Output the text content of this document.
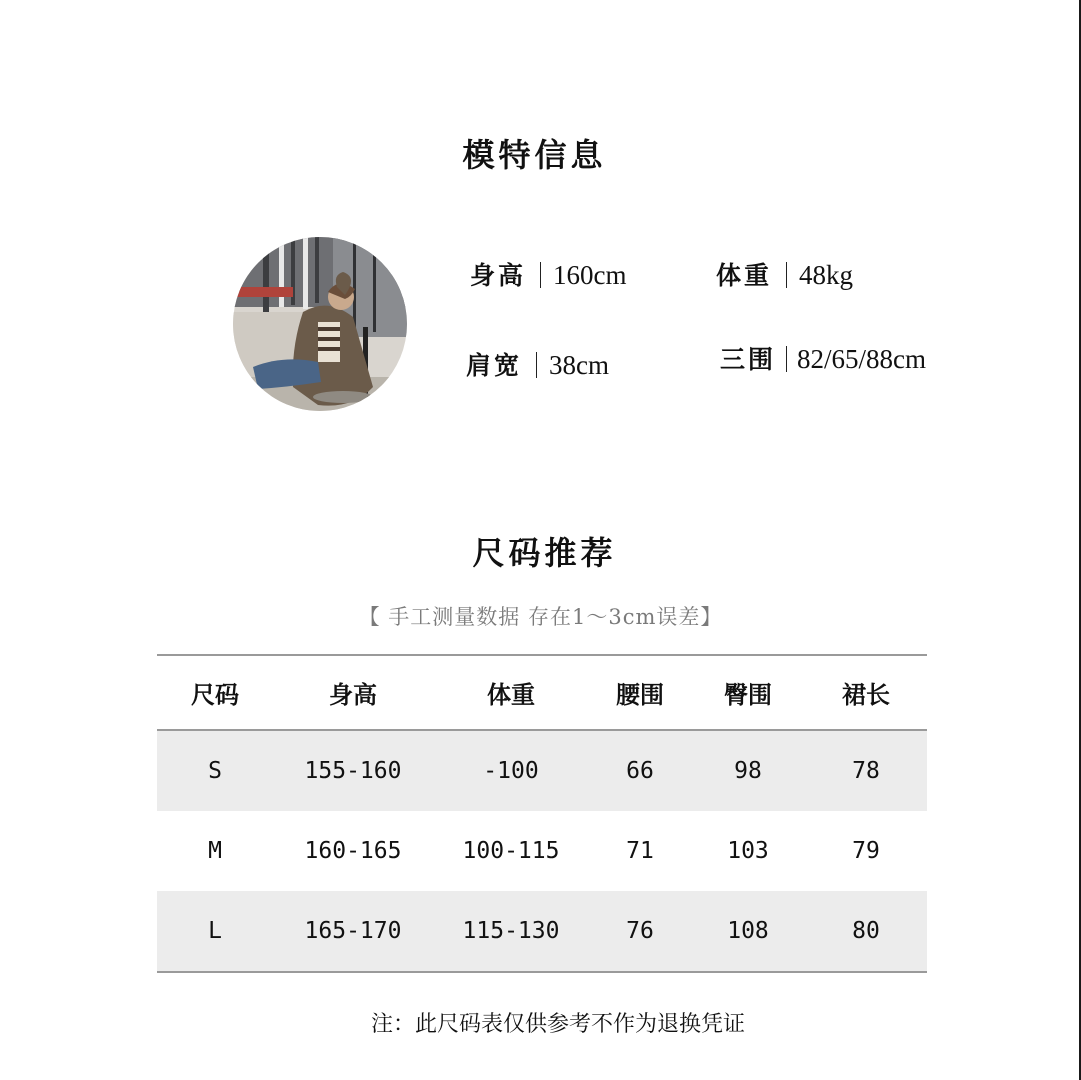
模特信息
身高 160cm	体重 48kg
肩宽 38cm	三围 82/65/88cm
尺码推荐
【 手工测量数据 存在1～3cm误差】
尺码	身高	体重	腰围	臀围	裙长
S	155-160	-100	66	98	78
M	160-165	100-115	71	103	79
L	165-170	115-130	76	108	80
注：此尺码表仅供参考不作为退换凭证
